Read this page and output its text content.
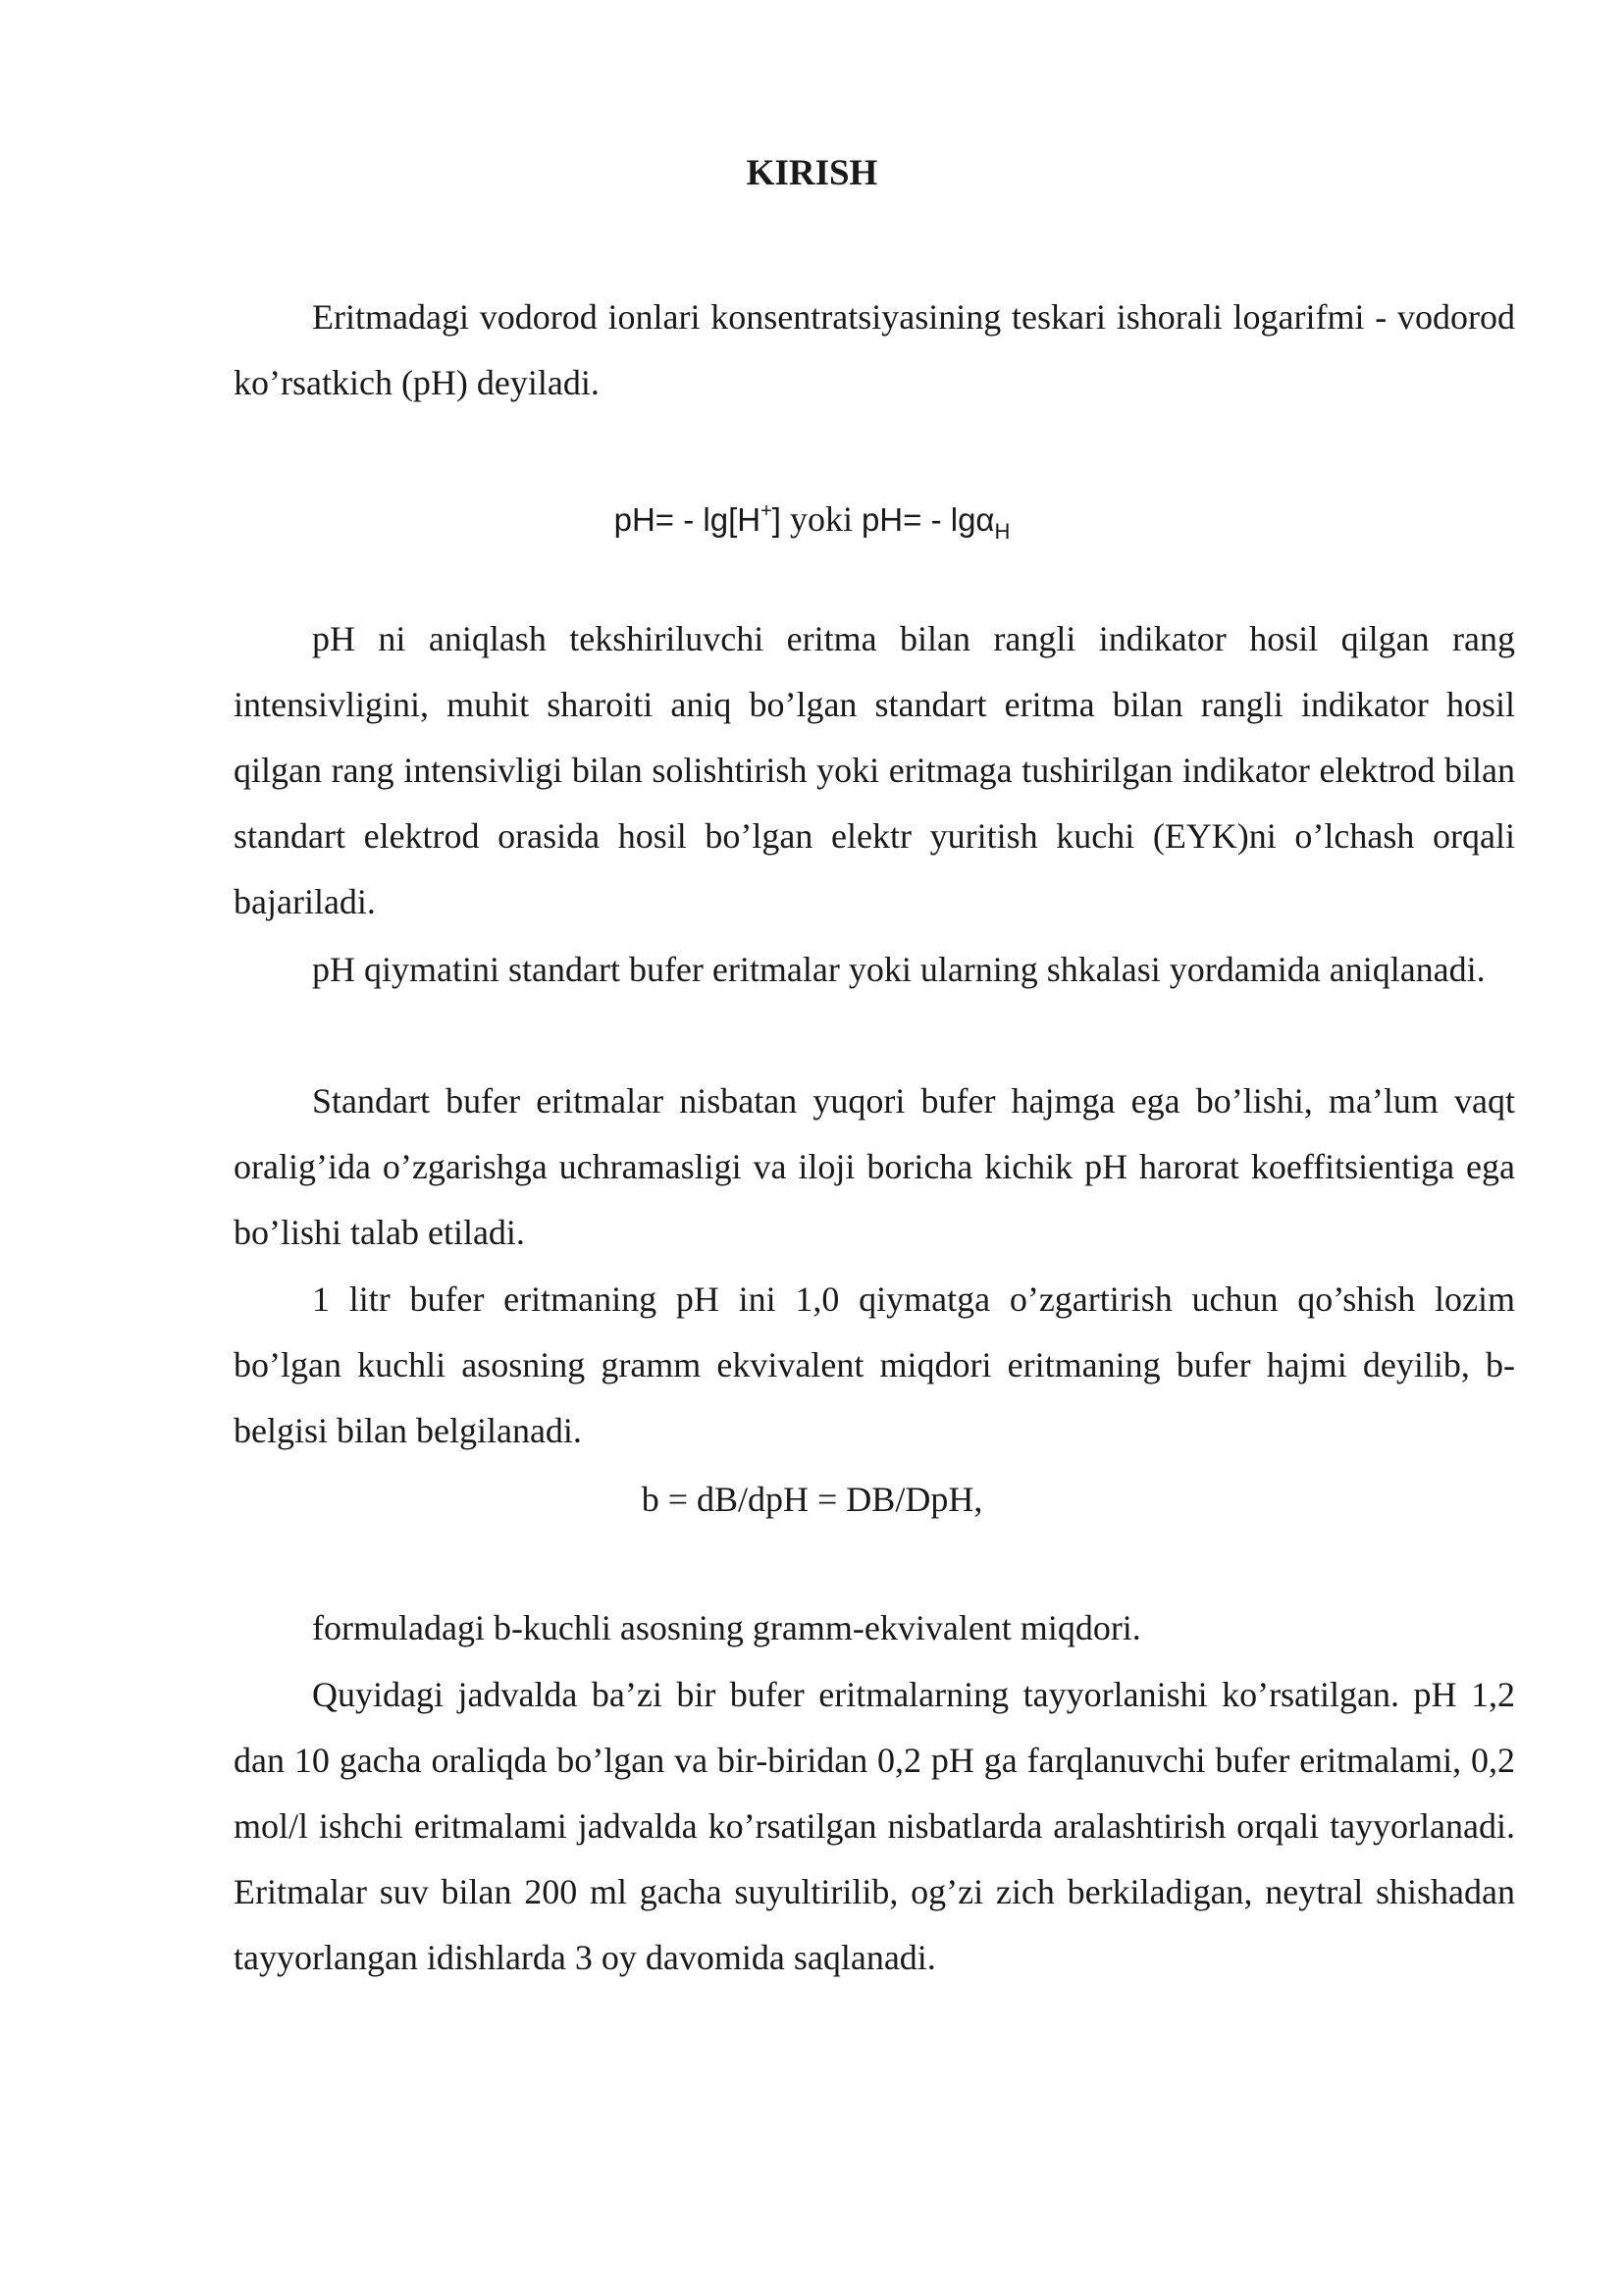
KIRISH

Eritmadagi vodorod ionlari konsentratsiyasining teskari ishorali logarifmi - vodorod ko’rsatkich (pH) deyiladi.

pH= - lg[H+] yoki pH= - lgα$_H$

pH ni aniqlash tekshiriluvchi eritma bilan rangli indikator hosil qilgan rang intensivligini, muhit sharoiti aniq bo’lgan standart eritma bilan rangli indikator hosil qilgan rang intensivligi bilan solishtirish yoki eritmaga tushirilgan indikator elektrod bilan standart elektrod orasida hosil bo’lgan elektr yuritish kuchi (EYK)ni o’lchash orqali bajariladi.

pH qiymatini standart bufer eritmalar yoki ularning shkalasi yordamida aniqlanadi.

Standart bufer eritmalar nisbatan yuqori bufer hajmga ega bo’lishi, ma’lum vaqt oralig’ida o’zgarishga uchramasligi va iloji boricha kichik pH harorat koeffitsientiga ega bo’lishi talab etiladi.

1 litr bufer eritmaning pH ini 1,0 qiymatga o’zgartirish uchun qo’shish lozim bo’lgan kuchli asosning gramm ekvivalent miqdori eritmaning bufer hajmi deyilib, b-belgisi bilan belgilanadi.

b = dB/dpH = DB/DpH,

formuladagi b-kuchli asosning gramm-ekvivalent miqdori.

Quyidagi jadvalda ba’zi bir bufer eritmalarning tayyorlanishi ko’rsatilgan. pH 1,2 dan 10 gacha oraliqda bo’lgan va bir-biridan 0,2 pH ga farqlanuvchi bufer eritmalami, 0,2 mol/l ishchi eritmalami jadvalda ko’rsatilgan nisbatlarda aralashtirish orqali tayyorlanadi. Eritmalar suv bilan 200 ml gacha suyultirilib, og’zi zich berkiladigan, neytral shishadan tayyorlangan idishlarda 3 oy davomida saqlanadi.
